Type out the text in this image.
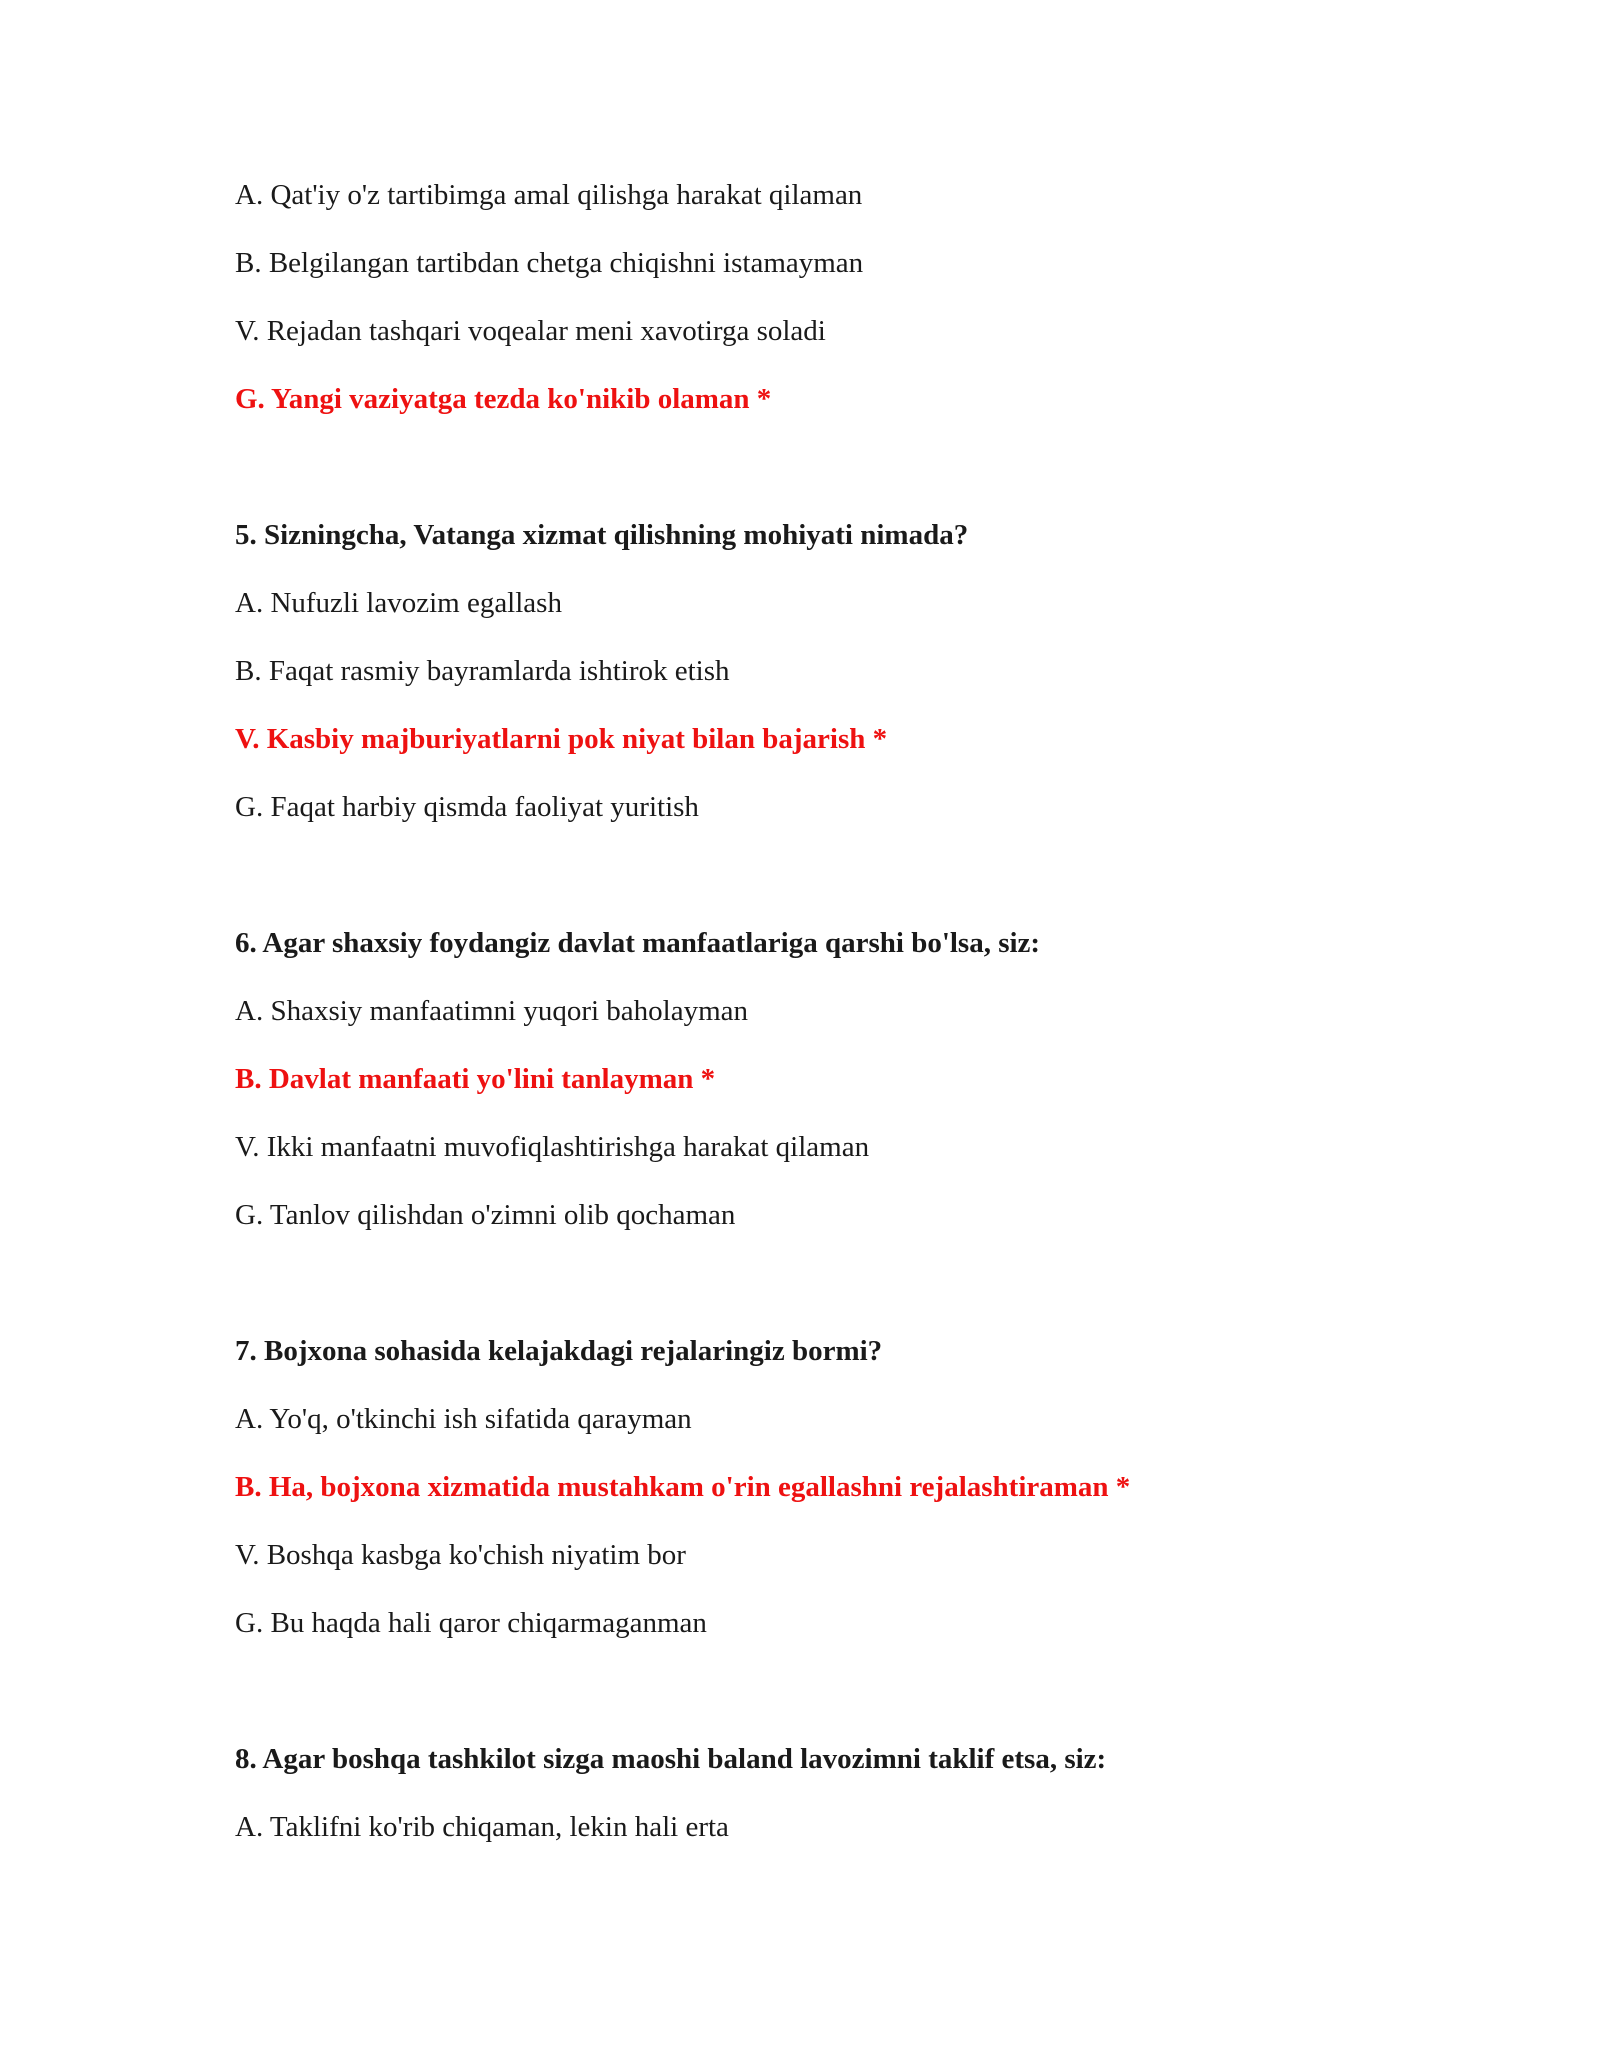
A. Qat'iy o'z tartibimga amal qilishga harakat qilaman
B. Belgilangan tartibdan chetga chiqishni istamayman
V. Rejadan tashqari voqealar meni xavotirga soladi
G. Yangi vaziyatga tezda ko'nikib olaman *
5. Sizningcha, Vatanga xizmat qilishning mohiyati nimada?
A. Nufuzli lavozim egallash
B. Faqat rasmiy bayramlarda ishtirok etish
V. Kasbiy majburiyatlarni pok niyat bilan bajarish *
G. Faqat harbiy qismda faoliyat yuritish
6. Agar shaxsiy foydangiz davlat manfaatlariga qarshi bo'lsa, siz:
A. Shaxsiy manfaatimni yuqori baholayman
B. Davlat manfaati yo'lini tanlayman *
V. Ikki manfaatni muvofiqlashtirishga harakat qilaman
G. Tanlov qilishdan o'zimni olib qochaman
7. Bojxona sohasida kelajakdagi rejalaringiz bormi?
A. Yo'q, o'tkinchi ish sifatida qarayman
B. Ha, bojxona xizmatida mustahkam o'rin egallashni rejalashtiraman *
V. Boshqa kasbga ko'chish niyatim bor
G. Bu haqda hali qaror chiqarmaganman
8. Agar boshqa tashkilot sizga maoshi baland lavozimni taklif etsa, siz:
A. Taklifni ko'rib chiqaman, lekin hali erta
